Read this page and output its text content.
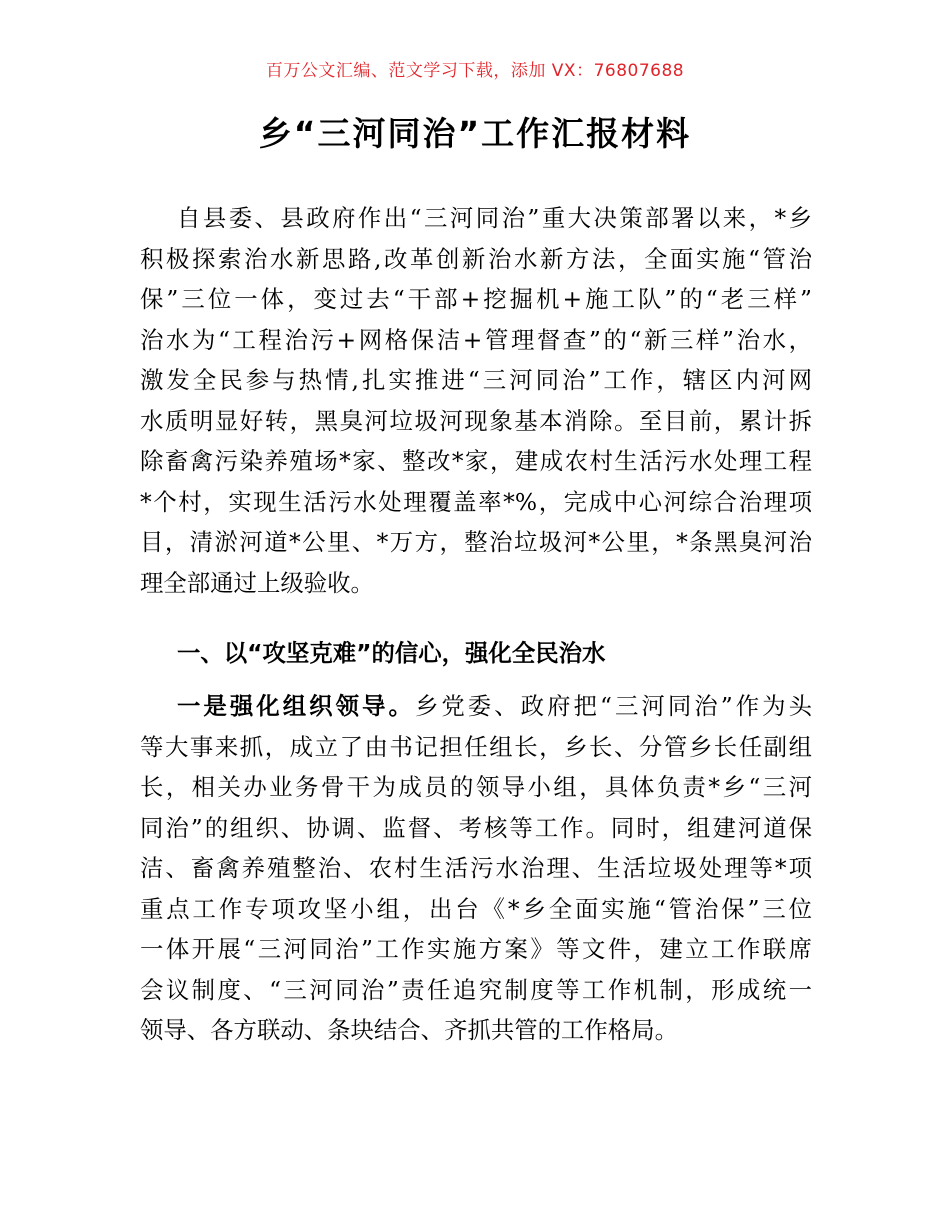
百万公文汇编、范文学习下载，添加 VX：76807688
乡“三河同治”工作汇报材料
自县委、县政府作出“三河同治”重大决策部署以来，*乡
积极探索治水新思路,改革创新治水新方法，全面实施“管治
保”三位一体，变过去“干部+挖掘机+施工队”的“老三样”
治水为“工程治污+网格保洁+管理督查”的“新三样”治水，
激发全民参与热情,扎实推进“三河同治”工作，辖区内河网
水质明显好转，黑臭河垃圾河现象基本消除。至目前，累计拆
除畜禽污染养殖场*家、整改*家，建成农村生活污水处理工程
*个村，实现生活污水处理覆盖率*%，完成中心河综合治理项
目，清淤河道*公里、*万方，整治垃圾河*公里，*条黑臭河治
理全部通过上级验收。
一、以“攻坚克难”的信心，强化全民治水
一是强化组织领导。乡党委、政府把“三河同治”作为头
等大事来抓，成立了由书记担任组长，乡长、分管乡长任副组
长，相关办业务骨干为成员的领导小组，具体负责*乡“三河
同治”的组织、协调、监督、考核等工作。同时，组建河道保
洁、畜禽养殖整治、农村生活污水治理、生活垃圾处理等*项
重点工作专项攻坚小组，出台《*乡全面实施“管治保”三位
一体开展“三河同治”工作实施方案》等文件，建立工作联席
会议制度、“三河同治”责任追究制度等工作机制，形成统一
领导、各方联动、条块结合、齐抓共管的工作格局。
